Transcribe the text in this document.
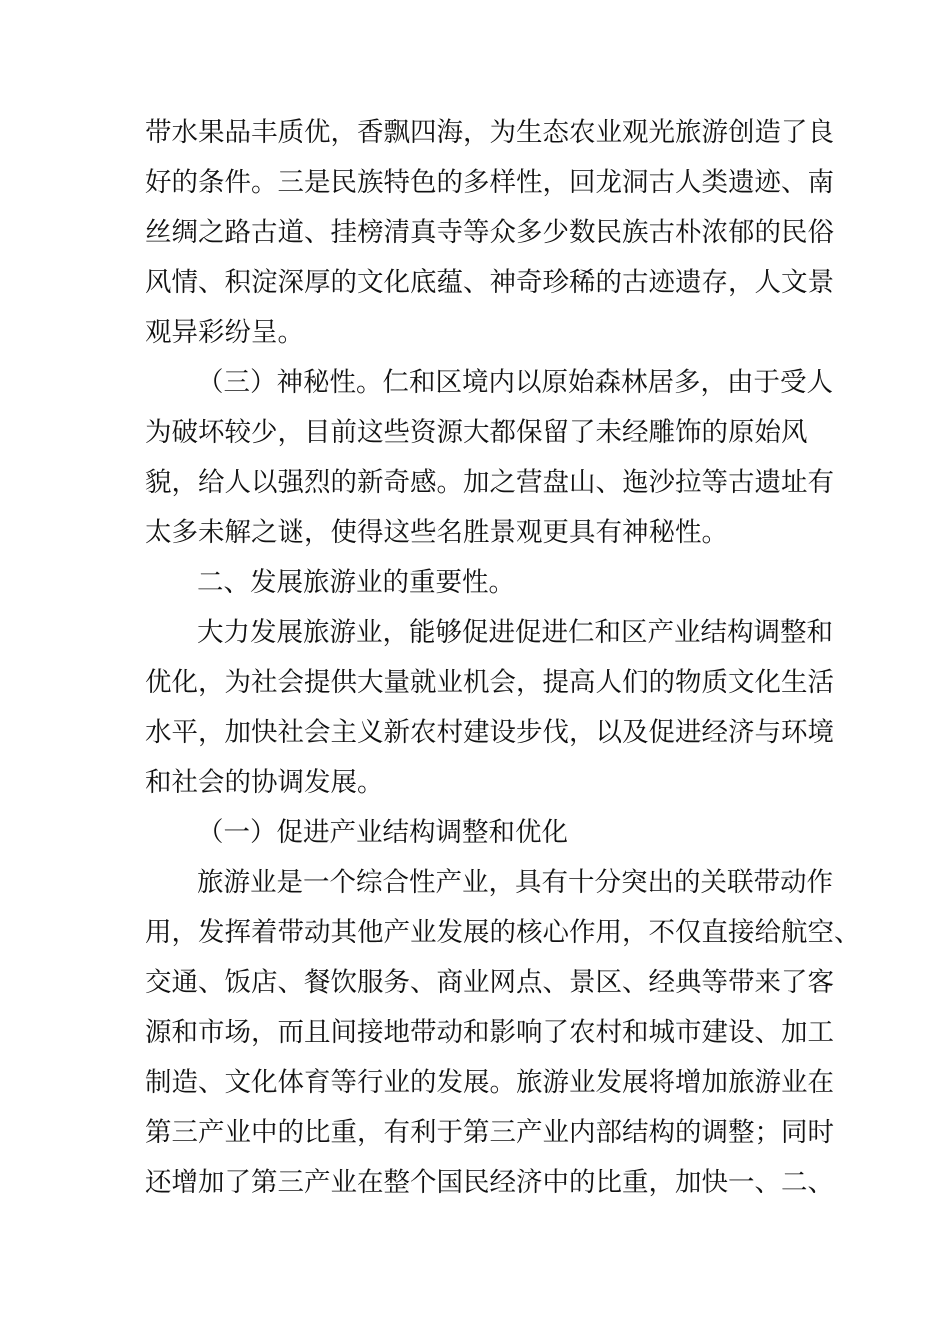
带水果品丰质优，香飘四海，为生态农业观光旅游创造了良
好的条件。三是民族特色的多样性，回龙洞古人类遗迹、南
丝绸之路古道、挂榜清真寺等众多少数民族古朴浓郁的民俗
风情、积淀深厚的文化底蕴、神奇珍稀的古迹遗存，人文景
观异彩纷呈。
（三）神秘性。仁和区境内以原始森林居多，由于受人
为破坏较少，目前这些资源大都保留了未经雕饰的原始风
貌，给人以强烈的新奇感。加之营盘山、迤沙拉等古遗址有
太多未解之谜，使得这些名胜景观更具有神秘性。
二、发展旅游业的重要性。
大力发展旅游业，能够促进促进仁和区产业结构调整和
优化，为社会提供大量就业机会，提高人们的物质文化生活
水平，加快社会主义新农村建设步伐，以及促进经济与环境
和社会的协调发展。
（一）促进产业结构调整和优化
旅游业是一个综合性产业，具有十分突出的关联带动作
用，发挥着带动其他产业发展的核心作用，不仅直接给航空、
交通、饭店、餐饮服务、商业网点、景区、经典等带来了客
源和市场，而且间接地带动和影响了农村和城市建设、加工
制造、文化体育等行业的发展。旅游业发展将增加旅游业在
第三产业中的比重，有利于第三产业内部结构的调整；同时
还增加了第三产业在整个国民经济中的比重，加快一、二、
